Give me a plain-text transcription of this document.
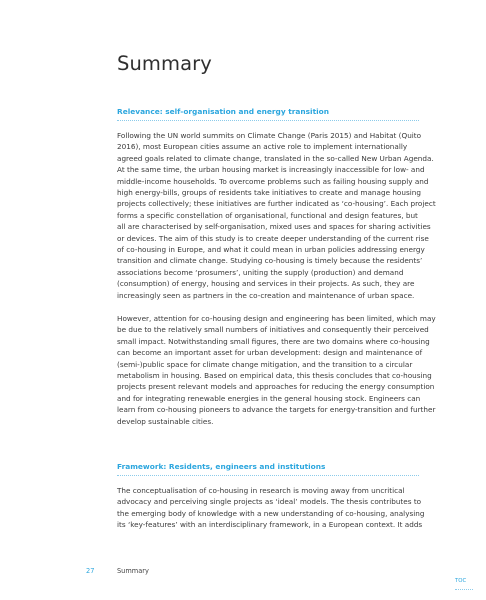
Summary
Relevance: self-organisation and energy transition

Following the UN world summits on Climate Change (Paris 2015) and Habitat (Quito
2016), most European cities assume an active role to implement internationally
agreed goals related to climate change, translated in the so-called New Urban Agenda.
At the same time, the urban housing market is increasingly inaccessible for low- and
middle-income households. To overcome problems such as failing housing supply and
high energy-bills, groups of residents take initiatives to create and manage housing
projects collectively; these initiatives are further indicated as ‘co-housing’. Each project
forms a specific constellation of organisational, functional and design features, but
all are characterised by self-organisation, mixed uses and spaces for sharing activities
or devices. The aim of this study is to create deeper understanding of the current rise
of co-housing in Europe, and what it could mean in urban policies addressing energy
transition and climate change. Studying co-housing is timely because the residents’
associations become ‘prosumers’, uniting the supply (production) and demand
(consumption) of energy, housing and services in their projects. As such, they are
increasingly seen as partners in the co-creation and maintenance of urban space.

However, attention for co-housing design and engineering has been limited, which may
be due to the relatively small numbers of initiatives and consequently their perceived
small impact. Notwithstanding small figures, there are two domains where co-housing
can become an important asset for urban development: design and maintenance of
(semi-)public space for climate change mitigation, and the transition to a circular
metabolism in housing. Based on empirical data, this thesis concludes that co-housing
projects present relevant models and approaches for reducing the energy consumption
and for integrating renewable energies in the general housing stock. Engineers can
learn from co-housing pioneers to advance the targets for energy-transition and further
develop sustainable cities.

Framework: Residents, engineers and institutions

The conceptualisation of co-housing in research is moving away from uncritical
advocacy and perceiving single projects as ‘ideal’ models. The thesis contributes to
the emerging body of knowledge with a new understanding of co-housing, analysing
its ‘key-features’ with an interdisciplinary framework, in a European context. It adds

27	Summary
TOC
